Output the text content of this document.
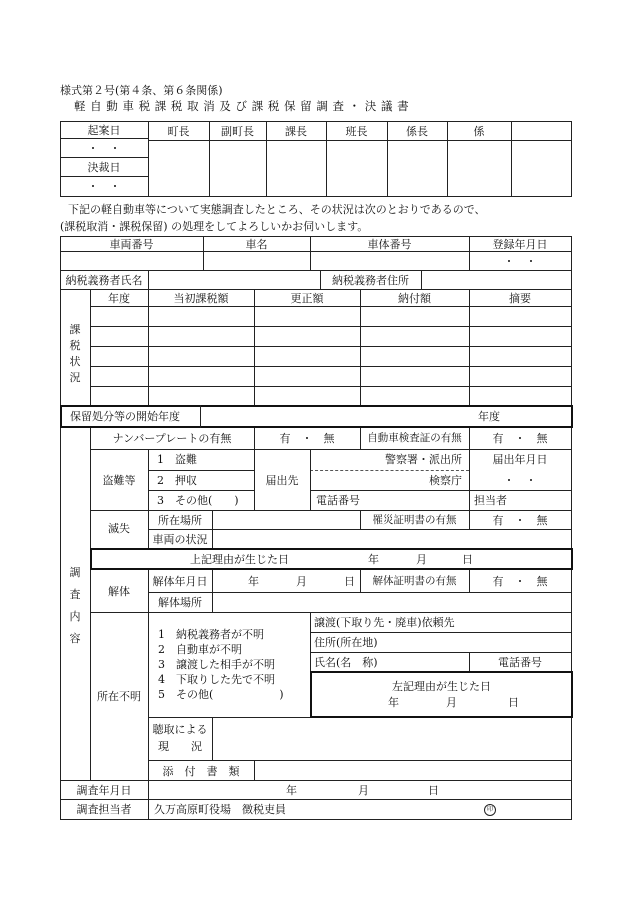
様式第２号(第４条、第６条関係)
軽 自 動 車 税 課 税 取 消 及 び 課 税 保 留 調 査 ・ 決 議 書
起案日
・　・
決裁日
・　・
町長	副町長	課長	班長	係長	係
下記の軽自動車等について実態調査したところ、その状況は次のとおりであるので、
(課税取消・課税保留) の処理をしてよろしいかお伺いします。
車両番号	車名	車体番号	登録年月日
・　・
納税義務者氏名	納税義務者住所
課税状況
年度	当初課税額	更正額	納付額	摘要
保留処分等の開始年度	年度
ナンバープレートの有無	有　・　無	自動車検査証の有無	有　・　無
盗難等
1　盗難
2　押収
3　その他(　　)
届出先
警察署・派出所
検察庁
届出年月日
・　・
電話番号	担当者
滅失
所在場所	罹災証明書の有無	有　・　無
車両の状況
上記理由が生じた日	年	月	日
解体
解体年月日	年	月	日	解体証明書の有無	有　・　無
解体場所
所在不明
1　納税義務者が不明
2　自動車が不明
3　譲渡した相手が不明
4　下取りした先で不明
5　その他(　　　　　　)
譲渡(下取り先・廃車)依頼先
住所(所在地)
氏名(名　称)	電話番号
左記理由が生じた日
年	月	日
聴取による
現　　況
添　付　書　類
調査内容
調査年月日	年	月	日
調査担当者	久万高原町役場　徴税吏員	印
